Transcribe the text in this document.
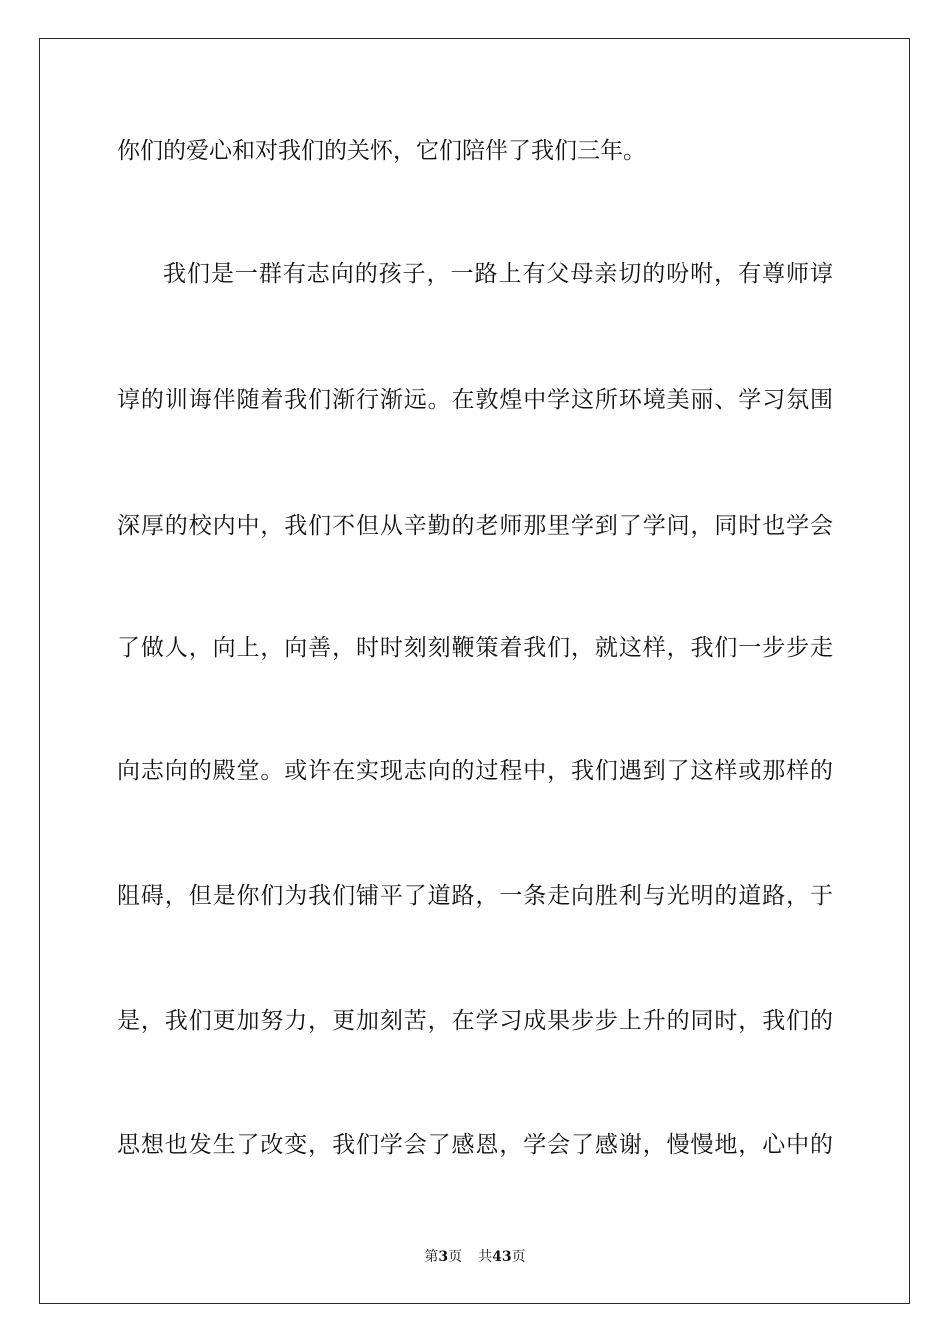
你们的爱心和对我们的关怀，它们陪伴了我们三年。
我们是一群有志向的孩子，一路上有父母亲切的吩咐，有尊师谆
谆的训诲伴随着我们渐行渐远。在敦煌中学这所环境美丽、学习氛围
深厚的校内中，我们不但从辛勤的老师那里学到了学问，同时也学会
了做人，向上，向善，时时刻刻鞭策着我们，就这样，我们一步步走
向志向的殿堂。或许在实现志向的过程中，我们遇到了这样或那样的
阻碍，但是你们为我们铺平了道路，一条走向胜利与光明的道路，于
是，我们更加努力，更加刻苦，在学习成果步步上升的同时，我们的
思想也发生了改变，我们学会了感恩，学会了感谢，慢慢地，心中的
第3页 共43页
